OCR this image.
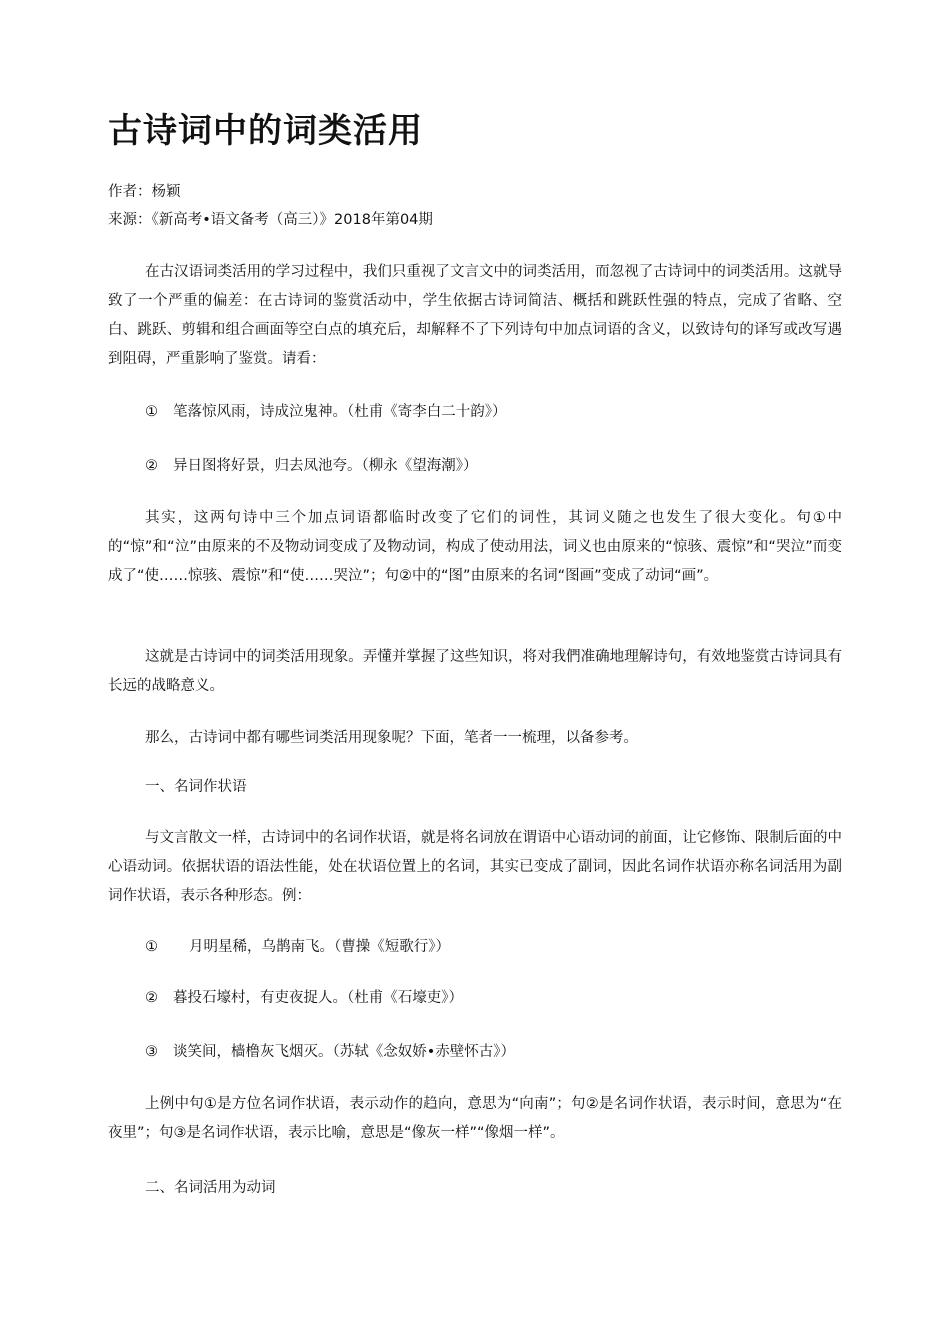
古诗词中的词类活用

作者：杨颖

来源：《新高考•语文备考（高三）》2018年第04期

在古汉语词类活用的学习过程中，我们只重视了文言文中的词类活用，而忽视了古诗词中的词类活用。这就导致了一个严重的偏差：在古诗词的鉴赏活动中，学生依据古诗词简洁、概括和跳跃性强的特点，完成了省略、空白、跳跃、剪辑和组合画面等空白点的填充后，却解释不了下列诗句中加点词语的含义，以致诗句的译写或改写遇到阻碍，严重影响了鉴赏。请看：

① 笔落惊风雨，诗成泣鬼神。（杜甫《寄李白二十韵》）

② 异日图将好景，归去凤池夸。（柳永《望海潮》）

其实，这两句诗中三个加点词语都临时改变了它们的词性，其词义随之也发生了很大变化。句①中的“惊”和“泣”由原来的不及物动词变成了及物动词，构成了使动用法，词义也由原来的“惊骇、震惊”和“哭泣”而变成了“使……惊骇、震惊”和“使……哭泣”；句②中的“图”由原来的名词“图画”变成了动词“画”。

这就是古诗词中的词类活用现象。弄懂并掌握了这些知识，将对我們准确地理解诗句，有效地鉴赏古诗词具有长远的战略意义。

那么，古诗词中都有哪些词类活用现象呢？下面，笔者一一梳理，以备参考。

一、名词作状语

与文言散文一样，古诗词中的名词作状语，就是将名词放在谓语中心语动词的前面，让它修饰、限制后面的中心语动词。依据状语的语法性能，处在状语位置上的名词，其实已变成了副词，因此名词作状语亦称名词活用为副词作状语，表示各种形态。例：

① 月明星稀，乌鹊南飞。（曹操《短歌行》）

② 暮投石壕村，有吏夜捉人。（杜甫《石壕吏》）

③ 谈笑间，樯橹灰飞烟灭。（苏轼《念奴娇•赤壁怀古》）

上例中句①是方位名词作状语，表示动作的趋向，意思为“向南”；句②是名词作状语，表示时间，意思为“在夜里”；句③是名词作状语，表示比喻，意思是“像灰一样”“像烟一样”。

二、名词活用为动词
